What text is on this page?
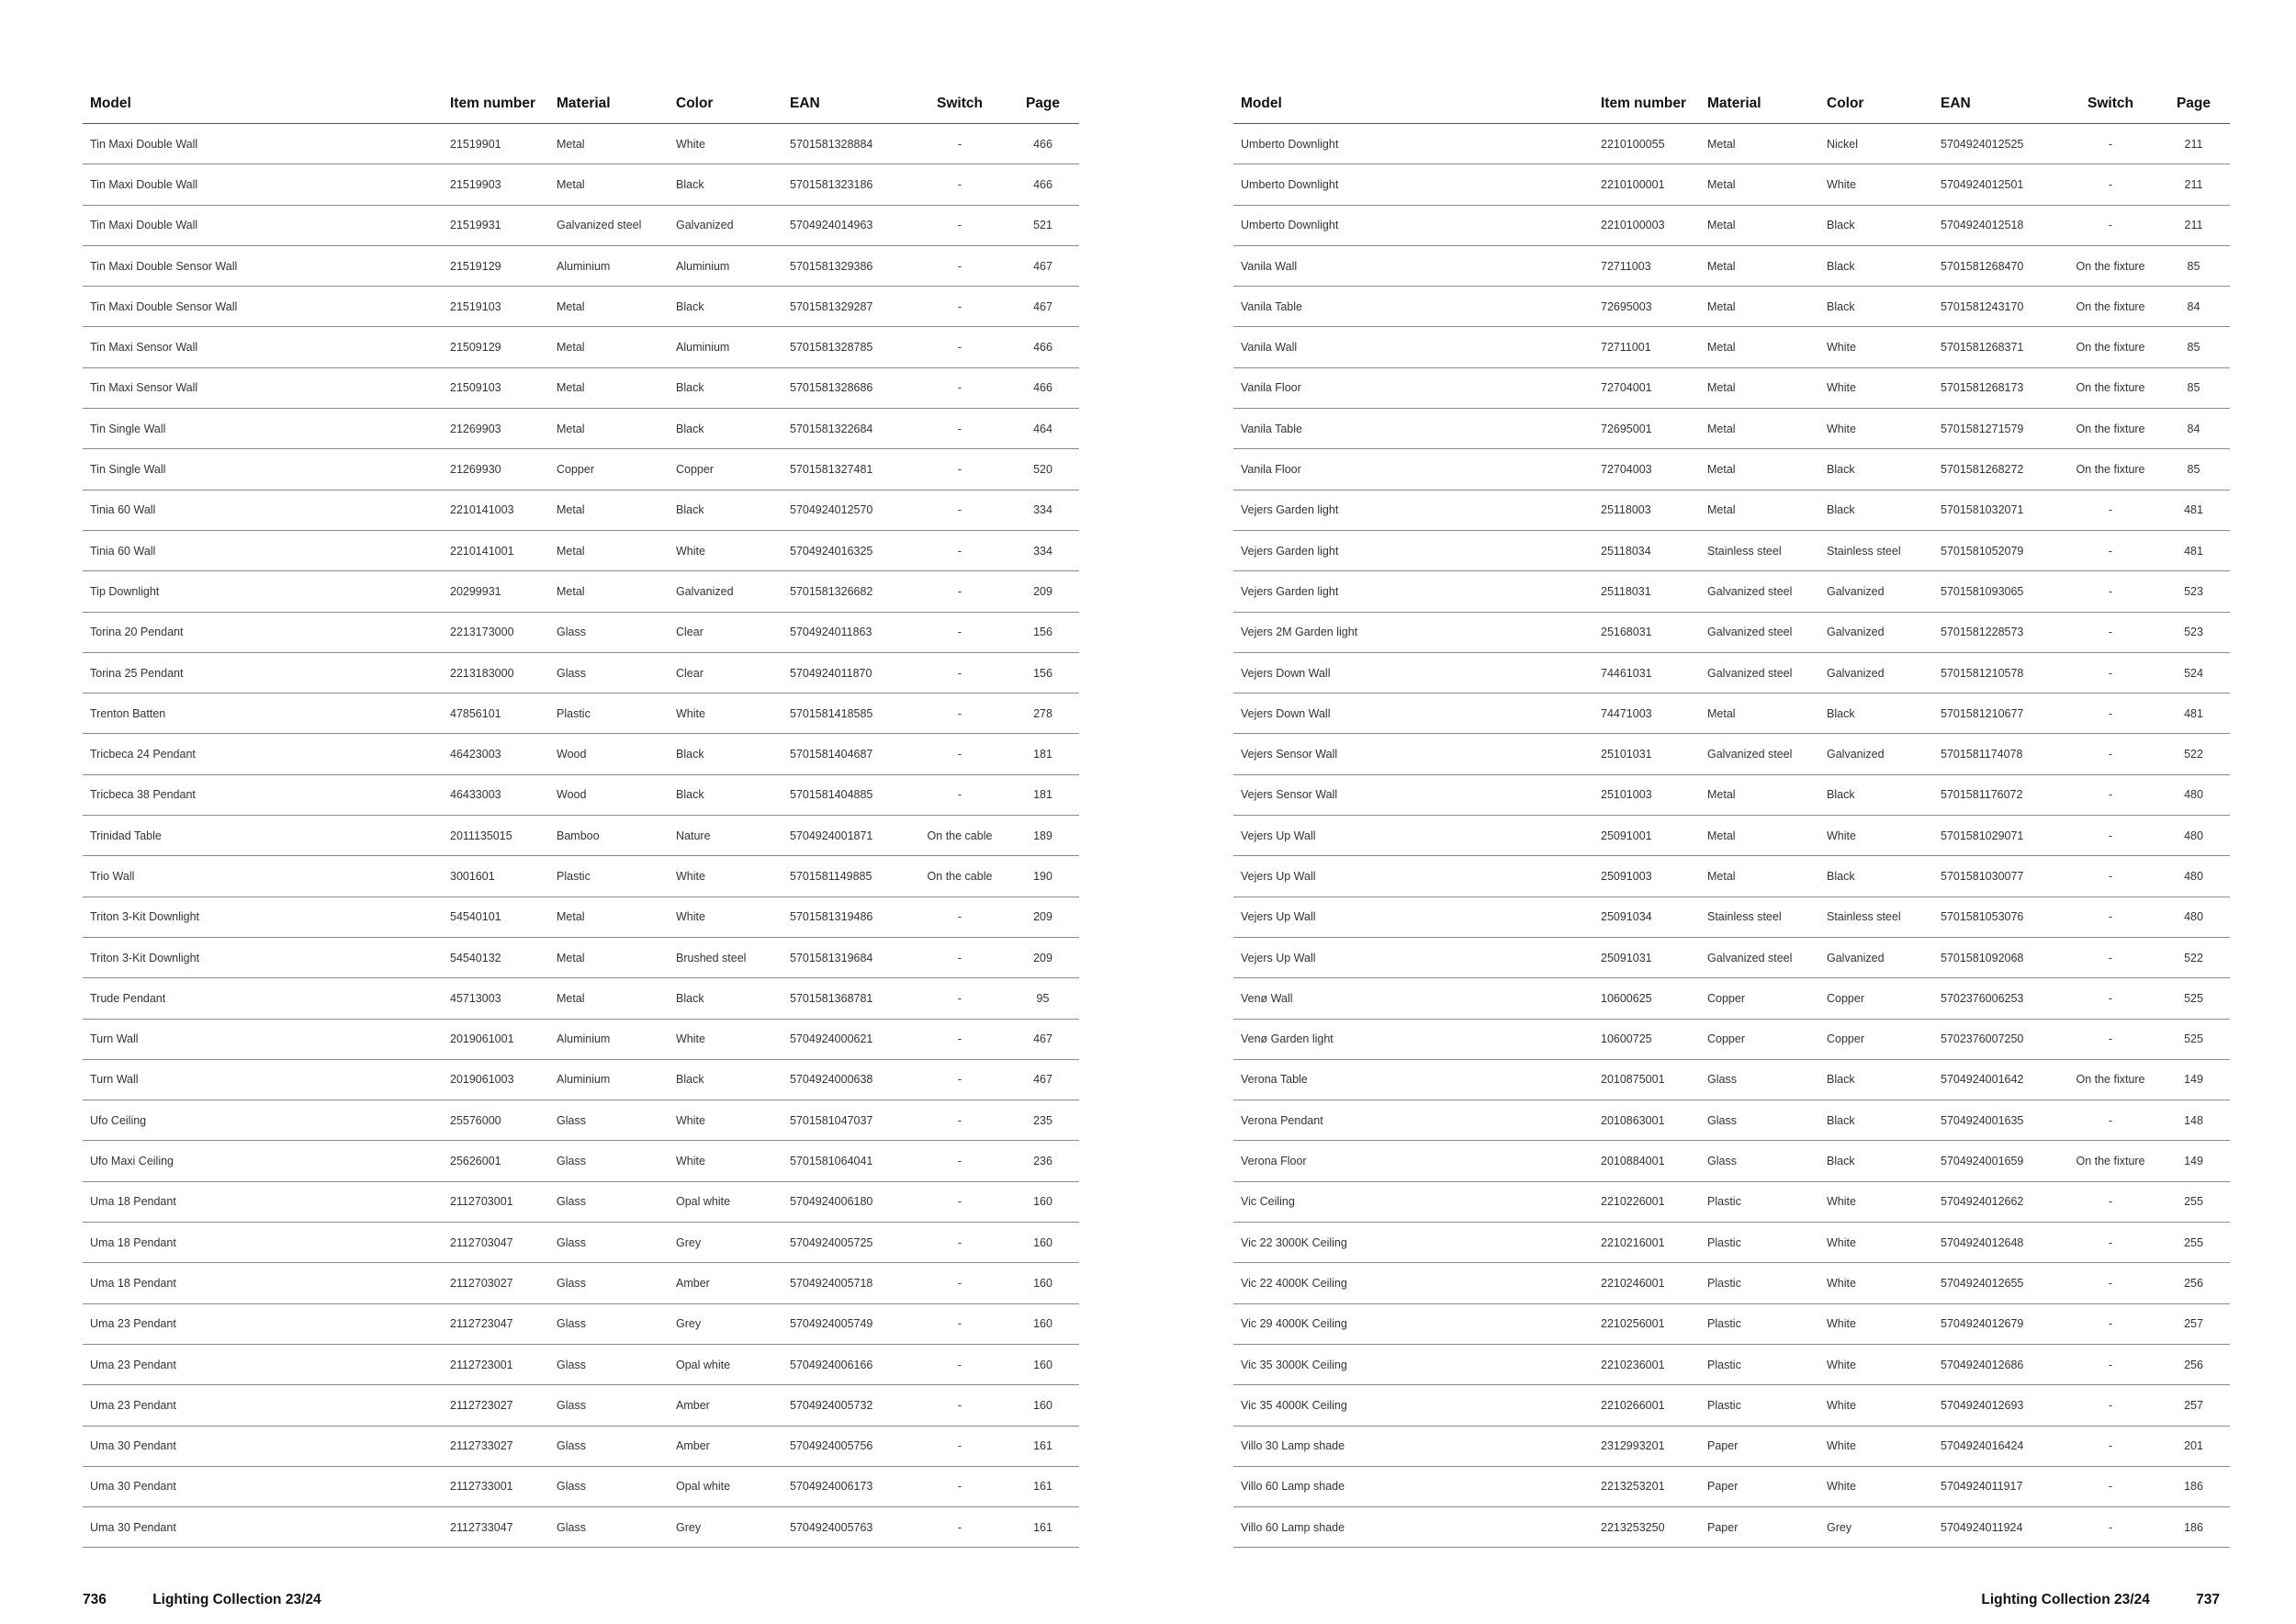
Model	Item number	Material	Color	EAN	Switch	Page
Tin Maxi Double Wall	21519901	Metal	White	5701581328884	-	466
Tin Maxi Double Wall	21519903	Metal	Black	5701581323186	-	466
Tin Maxi Double Wall	21519931	Galvanized steel	Galvanized	5704924014963	-	521
Tin Maxi Double Sensor Wall	21519129	Aluminium	Aluminium	5701581329386	-	467
Tin Maxi Double Sensor Wall	21519103	Metal	Black	5701581329287	-	467
Tin Maxi Sensor Wall	21509129	Metal	Aluminium	5701581328785	-	466
Tin Maxi Sensor Wall	21509103	Metal	Black	5701581328686	-	466
Tin Single Wall	21269903	Metal	Black	5701581322684	-	464
Tin Single Wall	21269930	Copper	Copper	5701581327481	-	520
Tinia 60 Wall	2210141003	Metal	Black	5704924012570	-	334
Tinia 60 Wall	2210141001	Metal	White	5704924016325	-	334
Tip Downlight	20299931	Metal	Galvanized	5701581326682	-	209
Torina 20 Pendant	2213173000	Glass	Clear	5704924011863	-	156
Torina 25 Pendant	2213183000	Glass	Clear	5704924011870	-	156
Trenton Batten	47856101	Plastic	White	5701581418585	-	278
Tricbeca 24 Pendant	46423003	Wood	Black	5701581404687	-	181
Tricbeca 38 Pendant	46433003	Wood	Black	5701581404885	-	181
Trinidad Table	2011135015	Bamboo	Nature	5704924001871	On the cable	189
Trio Wall	3001601	Plastic	White	5701581149885	On the cable	190
Triton 3-Kit Downlight	54540101	Metal	White	5701581319486	-	209
Triton 3-Kit Downlight	54540132	Metal	Brushed steel	5701581319684	-	209
Trude Pendant	45713003	Metal	Black	5701581368781	-	95
Turn Wall	2019061001	Aluminium	White	5704924000621	-	467
Turn Wall	2019061003	Aluminium	Black	5704924000638	-	467
Ufo Ceiling	25576000	Glass	White	5701581047037	-	235
Ufo Maxi Ceiling	25626001	Glass	White	5701581064041	-	236
Uma 18 Pendant	2112703001	Glass	Opal white	5704924006180	-	160
Uma 18 Pendant	2112703047	Glass	Grey	5704924005725	-	160
Uma 18 Pendant	2112703027	Glass	Amber	5704924005718	-	160
Uma 23 Pendant	2112723047	Glass	Grey	5704924005749	-	160
Uma 23 Pendant	2112723001	Glass	Opal white	5704924006166	-	160
Uma 23 Pendant	2112723027	Glass	Amber	5704924005732	-	160
Uma 30 Pendant	2112733027	Glass	Amber	5704924005756	-	161
Uma 30 Pendant	2112733001	Glass	Opal white	5704924006173	-	161
Uma 30 Pendant	2112733047	Glass	Grey	5704924005763	-	161
736	Lighting Collection 23/24
Model	Item number	Material	Color	EAN	Switch	Page
Umberto Downlight	2210100055	Metal	Nickel	5704924012525	-	211
Umberto Downlight	2210100001	Metal	White	5704924012501	-	211
Umberto Downlight	2210100003	Metal	Black	5704924012518	-	211
Vanila Wall	72711003	Metal	Black	5701581268470	On the fixture	85
Vanila Table	72695003	Metal	Black	5701581243170	On the fixture	84
Vanila Wall	72711001	Metal	White	5701581268371	On the fixture	85
Vanila Floor	72704001	Metal	White	5701581268173	On the fixture	85
Vanila Table	72695001	Metal	White	5701581271579	On the fixture	84
Vanila Floor	72704003	Metal	Black	5701581268272	On the fixture	85
Vejers Garden light	25118003	Metal	Black	5701581032071	-	481
Vejers Garden light	25118034	Stainless steel	Stainless steel	5701581052079	-	481
Vejers Garden light	25118031	Galvanized steel	Galvanized	5701581093065	-	523
Vejers 2M Garden light	25168031	Galvanized steel	Galvanized	5701581228573	-	523
Vejers Down Wall	74461031	Galvanized steel	Galvanized	5701581210578	-	524
Vejers Down Wall	74471003	Metal	Black	5701581210677	-	481
Vejers Sensor Wall	25101031	Galvanized steel	Galvanized	5701581174078	-	522
Vejers Sensor Wall	25101003	Metal	Black	5701581176072	-	480
Vejers Up Wall	25091001	Metal	White	5701581029071	-	480
Vejers Up Wall	25091003	Metal	Black	5701581030077	-	480
Vejers Up Wall	25091034	Stainless steel	Stainless steel	5701581053076	-	480
Vejers Up Wall	25091031	Galvanized steel	Galvanized	5701581092068	-	522
Venø Wall	10600625	Copper	Copper	5702376006253	-	525
Venø Garden light	10600725	Copper	Copper	5702376007250	-	525
Verona Table	2010875001	Glass	Black	5704924001642	On the fixture	149
Verona Pendant	2010863001	Glass	Black	5704924001635	-	148
Verona Floor	2010884001	Glass	Black	5704924001659	On the fixture	149
Vic Ceiling	2210226001	Plastic	White	5704924012662	-	255
Vic 22 3000K Ceiling	2210216001	Plastic	White	5704924012648	-	255
Vic 22 4000K Ceiling	2210246001	Plastic	White	5704924012655	-	256
Vic 29 4000K Ceiling	2210256001	Plastic	White	5704924012679	-	257
Vic 35 3000K Ceiling	2210236001	Plastic	White	5704924012686	-	256
Vic 35 4000K Ceiling	2210266001	Plastic	White	5704924012693	-	257
Villo 30 Lamp shade	2312993201	Paper	White	5704924016424	-	201
Villo 60 Lamp shade	2213253201	Paper	White	5704924011917	-	186
Villo 60 Lamp shade	2213253250	Paper	Grey	5704924011924	-	186
Lighting Collection 23/24	737
